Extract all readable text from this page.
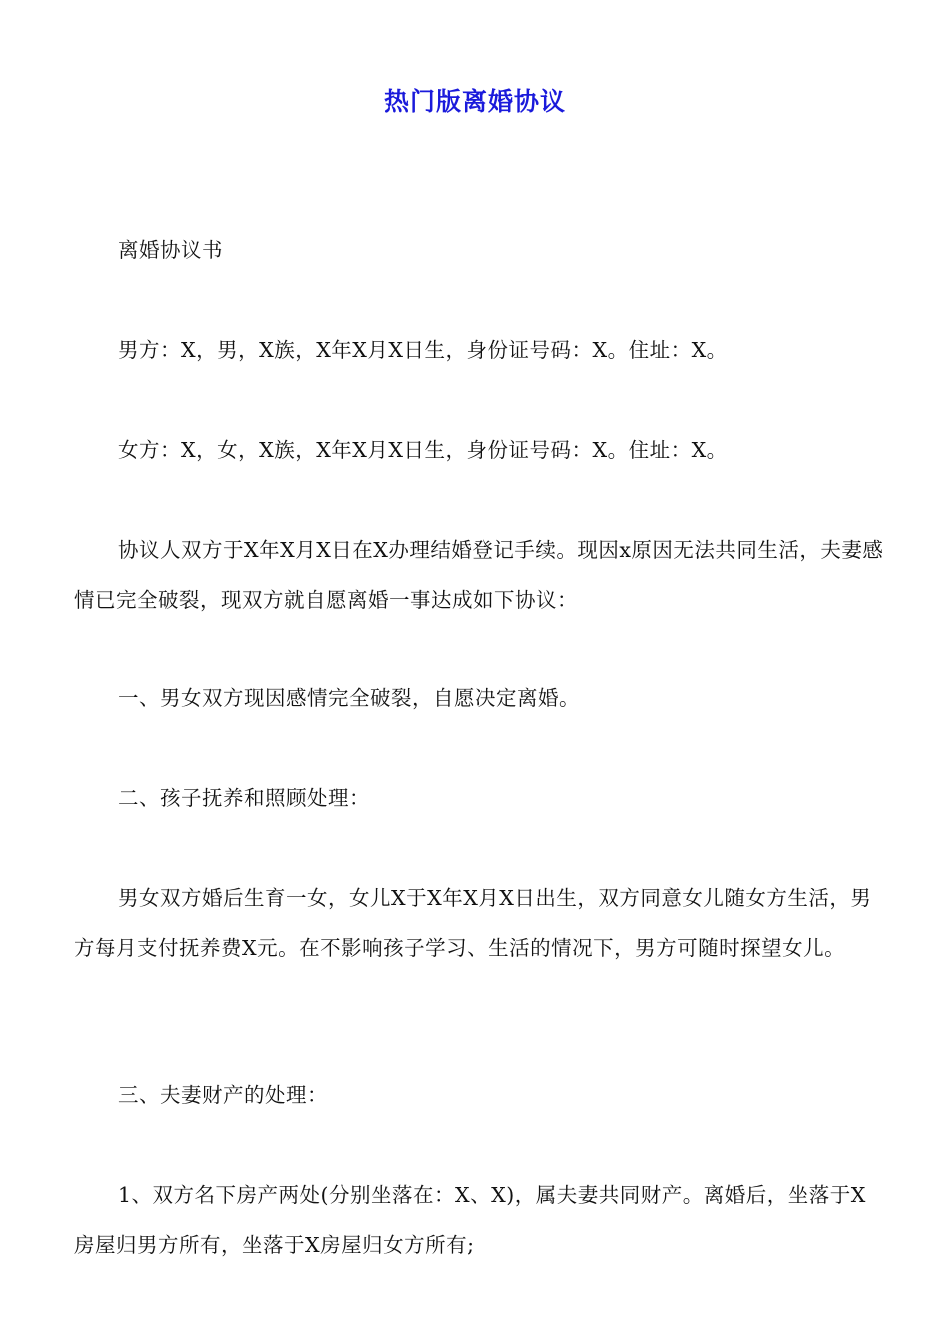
热门版离婚协议
离婚协议书
男方：X，男，X族，X年X月X日生，身份证号码：X。住址：X。
女方：X，女，X族，X年X月X日生，身份证号码：X。住址：X。
协议人双方于X年X月X日在X办理结婚登记手续。现因x原因无法共同生活，夫妻感情已完全破裂，现双方就自愿离婚一事达成如下协议：
一、男女双方现因感情完全破裂，自愿决定离婚。
二、孩子抚养和照顾处理：
男女双方婚后生育一女，女儿X于X年X月X日出生，双方同意女儿随女方生活，男方每月支付抚养费X元。在不影响孩子学习、生活的情况下，男方可随时探望女儿。
三、夫妻财产的处理：
1、双方名下房产两处(分别坐落在：X、X)，属夫妻共同财产。离婚后，坐落于X房屋归男方所有，坐落于X房屋归女方所有;
